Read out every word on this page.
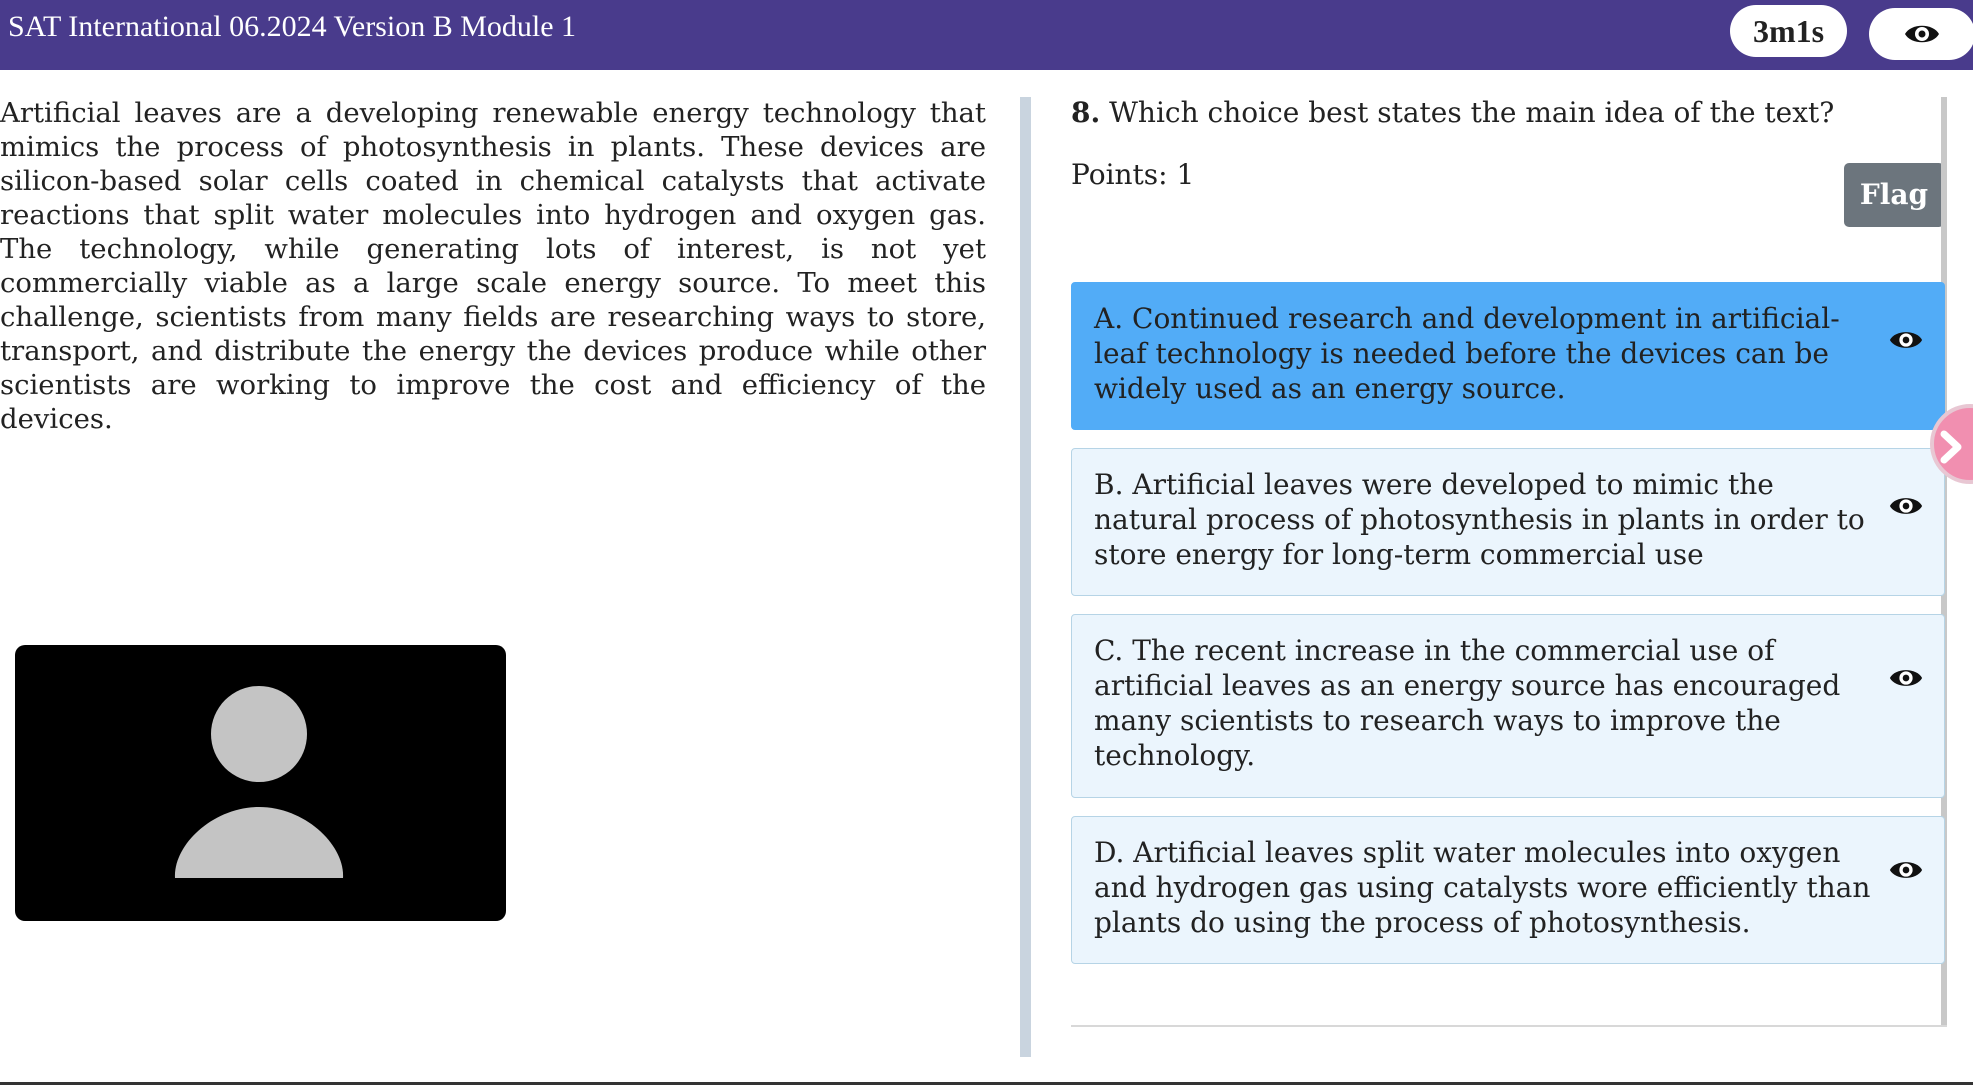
SAT International 06.2024 Version B Module 1	3m1s
Artificial leaves are a developing renewable energy technology that mimics the process of photosynthesis in plants. These devices are silicon-based solar cells coated in chemical catalysts that activate reactions that split water molecules into hydrogen and oxygen gas. The technology, while generating lots of interest, is not yet commercially viable as a large scale energy source. To meet this challenge, scientists from many fields are researching ways to store, transport, and distribute the energy the devices produce while other scientists are working to improve the cost and efficiency of the devices.
8. Which choice best states the main idea of the text?
Points: 1
Flag
A. Continued research and development in artificial-leaf technology is needed before the devices can be widely used as an energy source.
B. Artificial leaves were developed to mimic the natural process of photosynthesis in plants in order to store energy for long-term commercial use
C. The recent increase in the commercial use of artificial leaves as an energy source has encouraged many scientists to research ways to improve the technology.
D. Artificial leaves split water molecules into oxygen and hydrogen gas using catalysts wore efficiently than plants do using the process of photosynthesis.
